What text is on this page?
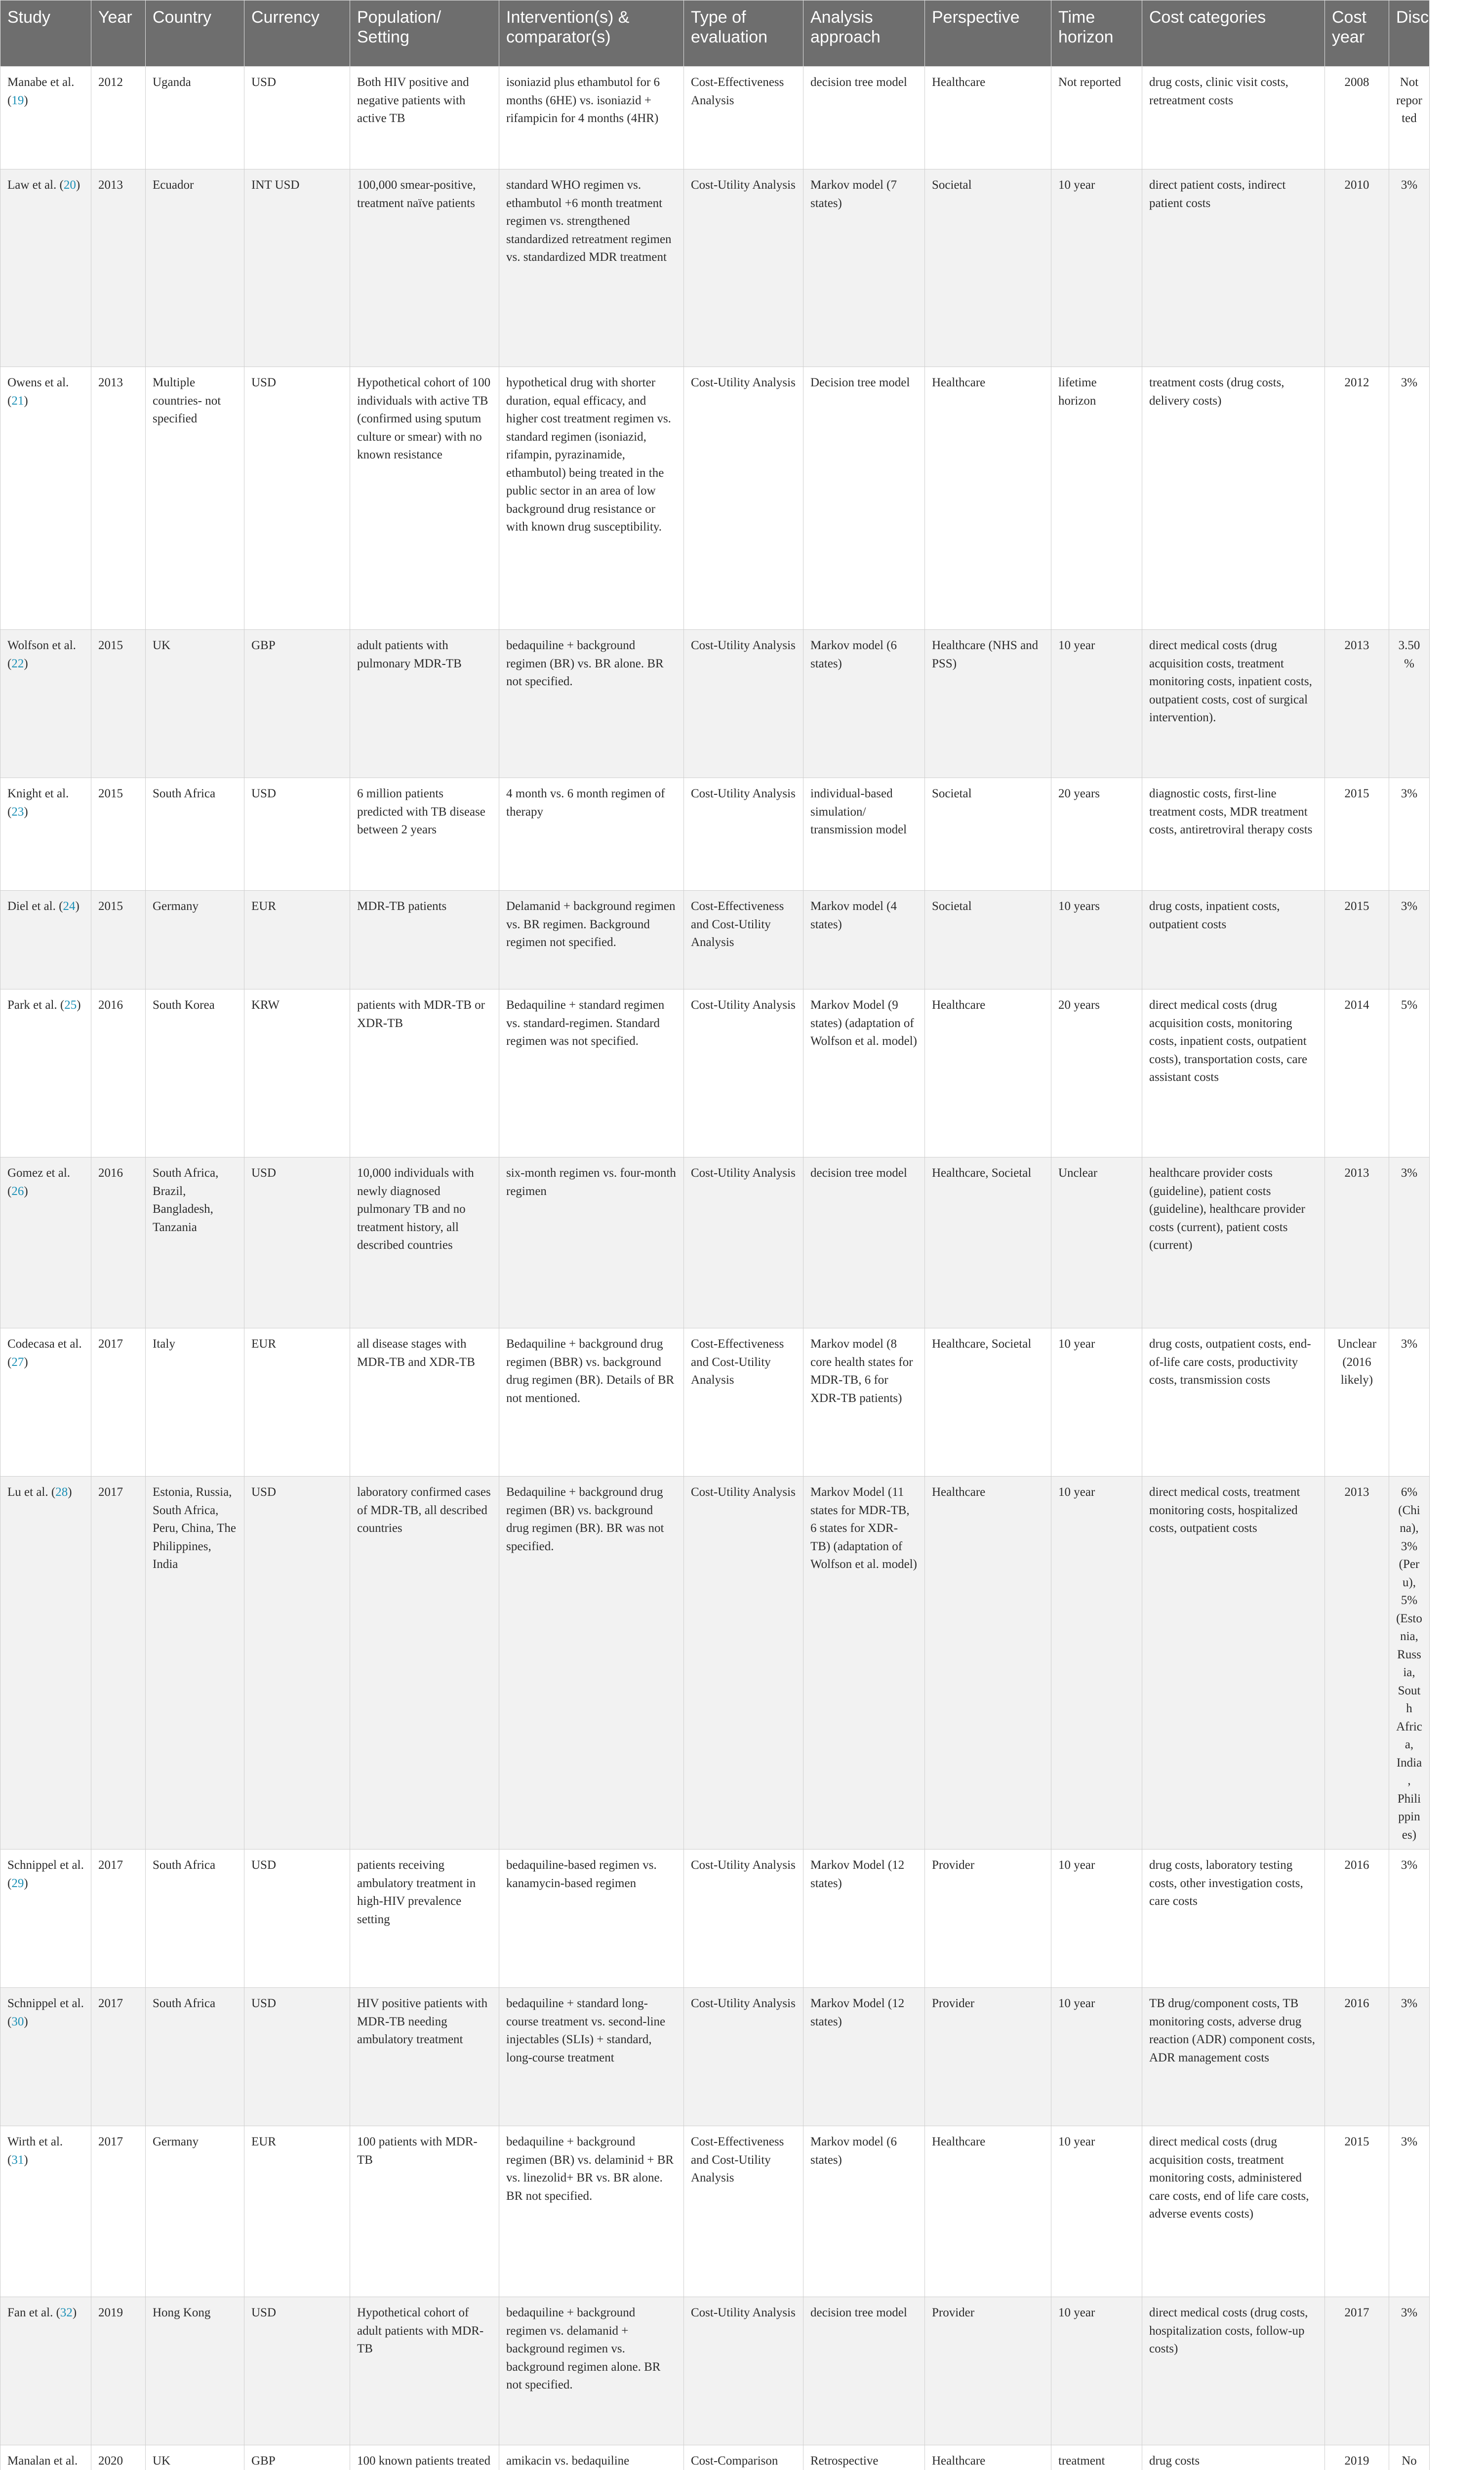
Study	Year	Country	Currency	Population/ Setting	Intervention(s) & comparator(s)	Type of evaluation	Analysis approach	Perspective	Time horizon	Cost categories	Cost year	Discounting
Manabe et al. (19)	2012	Uganda	USD	Both HIV positive and negative patients with active TB	isoniazid plus ethambutol for 6 months (6HE) vs. isoniazid + rifampicin for 4 months (4HR)	Cost-Effectiveness Analysis	decision tree model	Healthcare	Not reported	drug costs, clinic visit costs, retreatment costs	2008	Not reported
Law et al. (20)	2013	Ecuador	INT USD	100,000 smear-positive, treatment naïve patients	standard WHO regimen vs. ethambutol +6 month treatment regimen vs. strengthened standardized retreatment regimen vs. standardized MDR treatment	Cost-Utility Analysis	Markov model (7 states)	Societal	10 year	direct patient costs, indirect patient costs	2010	3%
Owens et al. (21)	2013	Multiple countries- not specified	USD	Hypothetical cohort of 100 individuals with active TB (confirmed using sputum culture or smear) with no known resistance	hypothetical drug with shorter duration, equal efficacy, and higher cost treatment regimen vs. standard regimen (isoniazid, rifampin, pyrazinamide, ethambutol) being treated in the public sector in an area of low background drug resistance or with known drug susceptibility.	Cost-Utility Analysis	Decision tree model	Healthcare	lifetime horizon	treatment costs (drug costs, delivery costs)	2012	3%
Wolfson et al. (22)	2015	UK	GBP	adult patients with pulmonary MDR-TB	bedaquiline + background regimen (BR) vs. BR alone. BR not specified.	Cost-Utility Analysis	Markov model (6 states)	Healthcare (NHS and PSS)	10 year	direct medical costs (drug acquisition costs, treatment monitoring costs, inpatient costs, outpatient costs, cost of surgical intervention).	2013	3.50%
Knight et al. (23)	2015	South Africa	USD	6 million patients predicted with TB disease between 2 years	4 month vs. 6 month regimen of therapy	Cost-Utility Analysis	individual-based simulation/ transmission model	Societal	20 years	diagnostic costs, first-line treatment costs, MDR treatment costs, antiretroviral therapy costs	2015	3%
Diel et al. (24)	2015	Germany	EUR	MDR-TB patients	Delamanid + background regimen vs. BR regimen. Background regimen not specified.	Cost-Effectiveness and Cost-Utility Analysis	Markov model (4 states)	Societal	10 years	drug costs, inpatient costs, outpatient costs	2015	3%
Park et al. (25)	2016	South Korea	KRW	patients with MDR-TB or XDR-TB	Bedaquiline + standard regimen vs. standard-regimen. Standard regimen was not specified.	Cost-Utility Analysis	Markov Model (9 states) (adaptation of Wolfson et al. model)	Healthcare	20 years	direct medical costs (drug acquisition costs, monitoring costs, inpatient costs, outpatient costs), transportation costs, care assistant costs	2014	5%
Gomez et al. (26)	2016	South Africa, Brazil, Bangladesh, Tanzania	USD	10,000 individuals with newly diagnosed pulmonary TB and no treatment history, all described countries	six-month regimen vs. four-month regimen	Cost-Utility Analysis	decision tree model	Healthcare, Societal	Unclear	healthcare provider costs (guideline), patient costs (guideline), healthcare provider costs (current), patient costs (current)	2013	3%
Codecasa et al. (27)	2017	Italy	EUR	all disease stages with MDR-TB and XDR-TB	Bedaquiline + background drug regimen (BBR) vs. background drug regimen (BR). Details of BR not mentioned.	Cost-Effectiveness and Cost-Utility Analysis	Markov model (8 core health states for MDR-TB, 6 for XDR-TB patients)	Healthcare, Societal	10 year	drug costs, outpatient costs, end-of-life care costs, productivity costs, transmission costs	Unclear (2016 likely)	3%
Lu et al. (28)	2017	Estonia, Russia, South Africa, Peru, China, The Philippines, India	USD	laboratory confirmed cases of MDR-TB, all described countries	Bedaquiline + background drug regimen (BR) vs. background drug regimen (BR). BR was not specified.	Cost-Utility Analysis	Markov Model (11 states for MDR-TB, 6 states for XDR-TB) (adaptation of Wolfson et al. model)	Healthcare	10 year	direct medical costs, treatment monitoring costs, hospitalized costs, outpatient costs	2013	6% (China), 3% (Peru), 5% (Estonia, Russia, South Africa, India, Philippines)
Schnippel et al. (29)	2017	South Africa	USD	patients receiving ambulatory treatment in high-HIV prevalence setting	bedaquiline-based regimen vs. kanamycin-based regimen	Cost-Utility Analysis	Markov Model (12 states)	Provider	10 year	drug costs, laboratory testing costs, other investigation costs, care costs	2016	3%
Schnippel et al. (30)	2017	South Africa	USD	HIV positive patients with MDR-TB needing ambulatory treatment	bedaquiline + standard long-course treatment vs. second-line injectables (SLIs) + standard, long-course treatment	Cost-Utility Analysis	Markov Model (12 states)	Provider	10 year	TB drug/component costs, TB monitoring costs, adverse drug reaction (ADR) component costs, ADR management costs	2016	3%
Wirth et al. (31)	2017	Germany	EUR	100 patients with MDR-TB	bedaquiline + background regimen (BR) vs. delaminid + BR vs. linezolid+ BR vs. BR alone. BR not specified.	Cost-Effectiveness and Cost-Utility Analysis	Markov model (6 states)	Healthcare	10 year	direct medical costs (drug acquisition costs, treatment monitoring costs, administered care costs, end of life care costs, adverse events costs)	2015	3%
Fan et al. (32)	2019	Hong Kong	USD	Hypothetical cohort of adult patients with MDR-TB	bedaquiline + background regimen vs. delamanid + background regimen vs. background regimen alone. BR not specified.	Cost-Utility Analysis	decision tree model	Provider	10 year	direct medical costs (drug costs, hospitalization costs, follow-up costs)	2017	3%
Manalan et al.	2020	UK	GBP	100 known patients treated	amikacin vs. bedaquiline	Cost-Comparison	Retrospective	Healthcare	treatment	drug costs	2019	No
